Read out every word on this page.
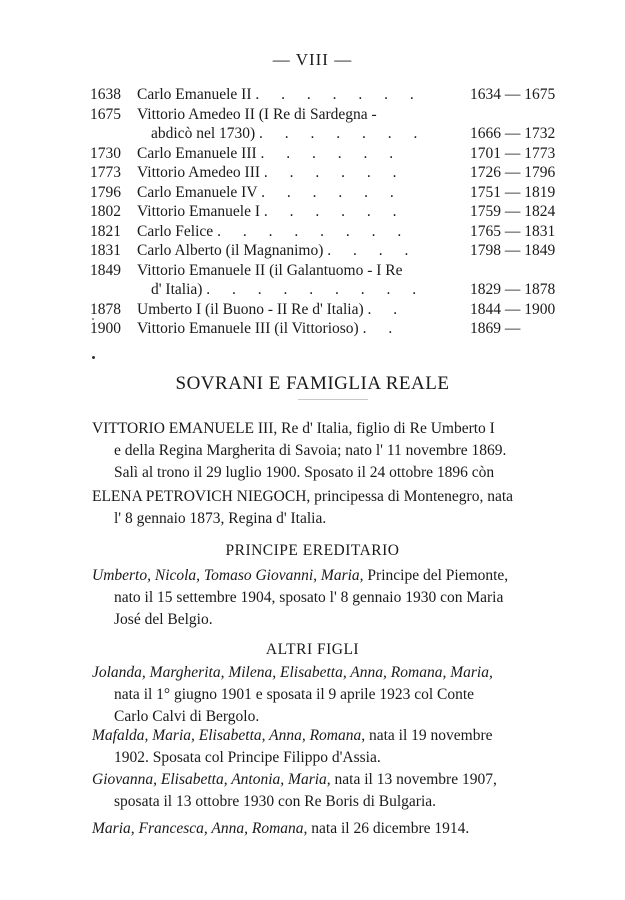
— VIII —
1638	Carlo Emanuele II . . . . . . .	1634 — 1675
1675	Vittorio Amedeo II (I Re di Sardegna -
abdicò nel 1730) . . . . . . .	1666 — 1732
1730	Carlo Emanuele III . . . . . .	1701 — 1773
1773	Vittorio Amedeo III . . . . . .	1726 — 1796
1796	Carlo Emanuele IV . . . . . .	1751 — 1819
1802	Vittorio Emanuele I . . . . . .	1759 — 1824
1821	Carlo Felice . . . . . . . .	1765 — 1831
1831	Carlo Alberto (il Magnanimo) . . . .	1798 — 1849
1849	Vittorio Emanuele II (il Galantuomo - I Re
d' Italia) . . . . . . . . .	1829 — 1878
1878	Umberto I (il Buono - II Re d' Italia) . .	1844 — 1900
1900	Vittorio Emanuele III (il Vittorioso) . .	1869 —
SOVRANI E FAMIGLIA REALE

VITTORIO EMANUELE III, Re d' Italia, figlio di Re Umberto I

e della Regina Margherita di Savoia; nato l' 11 novembre 1869.

Salì al trono il 29 luglio 1900. Sposato il 24 ottobre 1896 còn

ELENA PETROVICH NIEGOCH, principessa di Montenegro, nata

l' 8 gennaio 1873, Regina d' Italia.

PRINCIPE EREDITARIO

Umberto, Nicola, Tomaso Giovanni, Maria, Principe del Piemonte,

nato il 15 settembre 1904, sposato l' 8 gennaio 1930 con Maria

José del Belgio.

ALTRI FIGLI

Jolanda, Margherita, Milena, Elisabetta, Anna, Romana, Maria,

nata il 1° giugno 1901 e sposata il 9 aprile 1923 col Conte

Carlo Calvi di Bergolo.

Mafalda, Maria, Elisabetta, Anna, Romana, nata il 19 novembre

1902. Sposata col Principe Filippo d'Assia.

Giovanna, Elisabetta, Antonia, Maria, nata il 13 novembre 1907,

sposata il 13 ottobre 1930 con Re Boris di Bulgaria.

Maria, Francesca, Anna, Romana, nata il 26 dicembre 1914.
